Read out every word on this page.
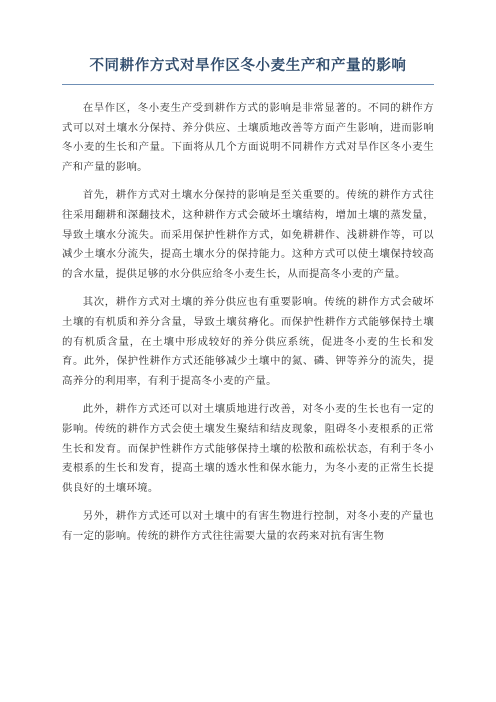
不同耕作方式对旱作区冬小麦生产和产量的影响

在旱作区，冬小麦生产受到耕作方式的影响是非常显著的。不同的耕作方式可以对土壤水分保持、养分供应、土壤质地改善等方面产生影响，进而影响冬小麦的生长和产量。下面将从几个方面说明不同耕作方式对旱作区冬小麦生产和产量的影响。

首先，耕作方式对土壤水分保持的影响是至关重要的。传统的耕作方式往往采用翻耕和深翻技术，这种耕作方式会破坏土壤结构，增加土壤的蒸发量，导致土壤水分流失。而采用保护性耕作方式，如免耕耕作、浅耕耕作等，可以减少土壤水分流失，提高土壤水分的保持能力。这种方式可以使土壤保持较高的含水量，提供足够的水分供应给冬小麦生长，从而提高冬小麦的产量。

其次，耕作方式对土壤的养分供应也有重要影响。传统的耕作方式会破坏土壤的有机质和养分含量，导致土壤贫瘠化。而保护性耕作方式能够保持土壤的有机质含量，在土壤中形成较好的养分供应系统，促进冬小麦的生长和发育。此外，保护性耕作方式还能够减少土壤中的氮、磷、钾等养分的流失，提高养分的利用率，有利于提高冬小麦的产量。

此外，耕作方式还可以对土壤质地进行改善，对冬小麦的生长也有一定的影响。传统的耕作方式会使土壤发生聚结和结皮现象，阻碍冬小麦根系的正常生长和发育。而保护性耕作方式能够保持土壤的松散和疏松状态，有利于冬小麦根系的生长和发育，提高土壤的透水性和保水能力，为冬小麦的正常生长提供良好的土壤环境。

另外，耕作方式还可以对土壤中的有害生物进行控制，对冬小麦的产量也有一定的影响。传统的耕作方式往往需要大量的农药来对抗有害生物
